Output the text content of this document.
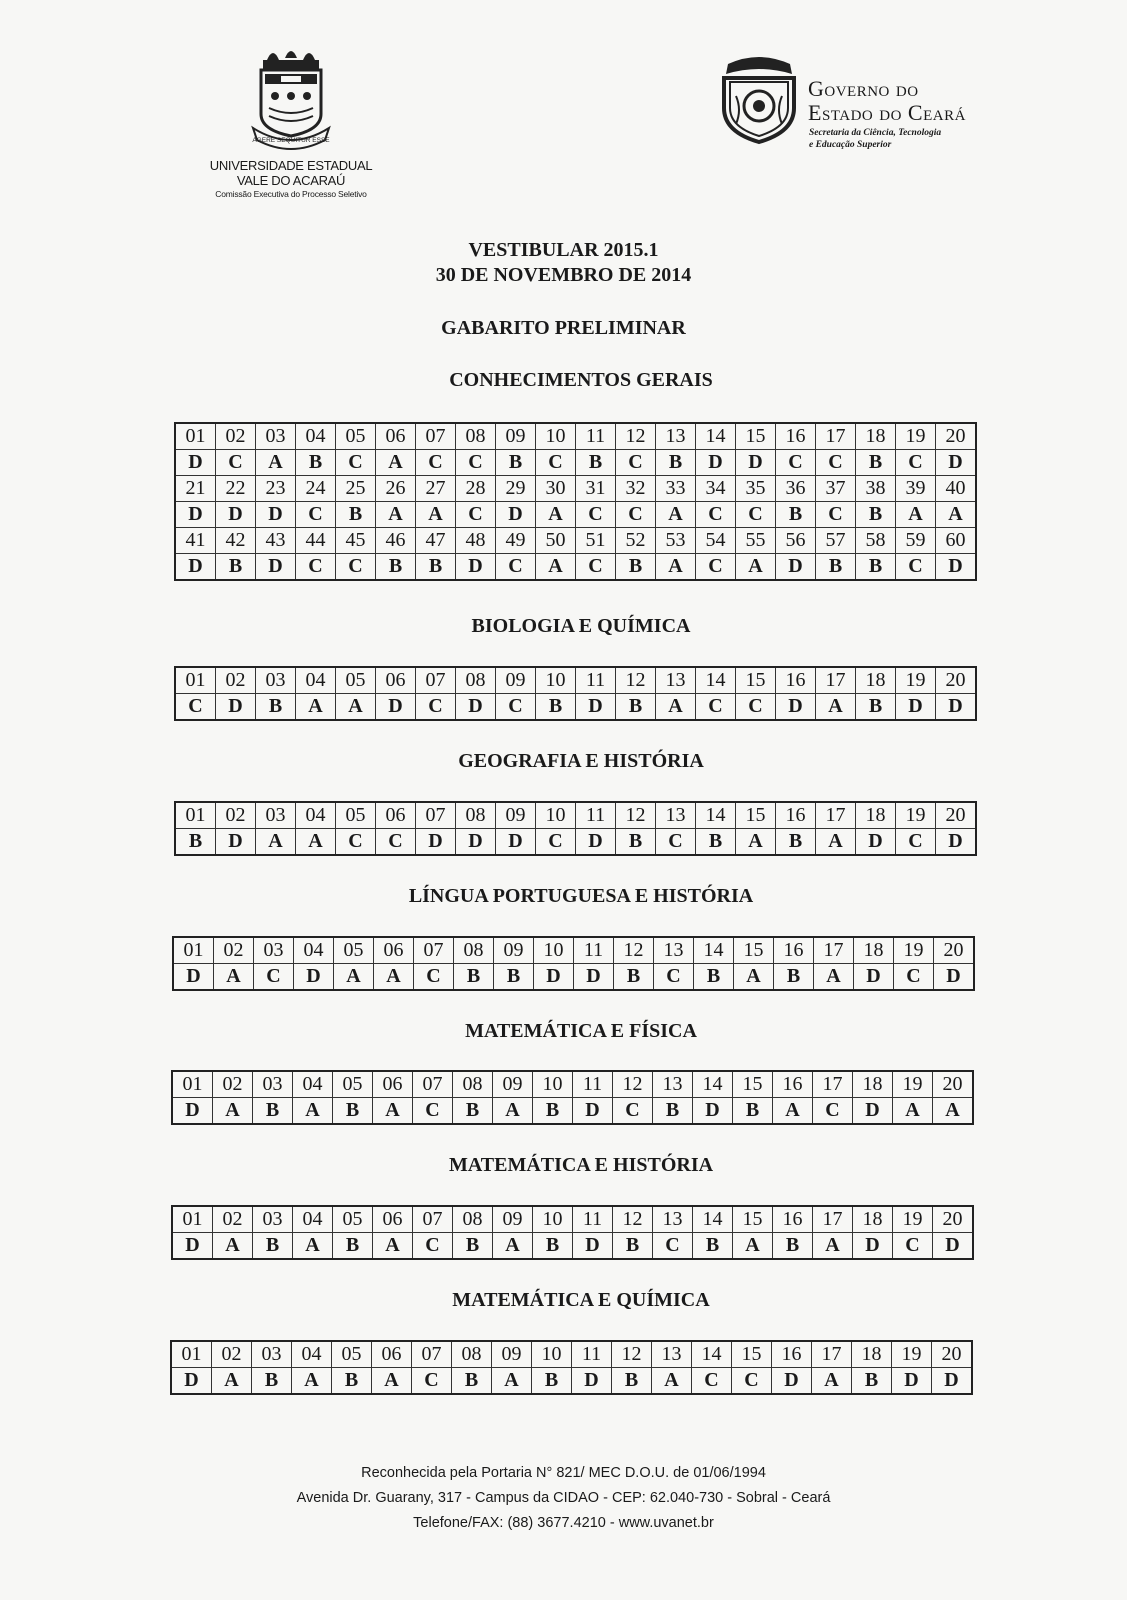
AGERE SEQUITUR ESSE
UNIVERSIDADE ESTADUAL
VALE DO ACARAÚ
Comissão Executiva do Processo Seletivo
Governo do
Estado do Ceará
Secretaria da Ciência, Tecnologia
e Educação Superior
VESTIBULAR 2015.1
30 DE NOVEMBRO DE 2014
GABARITO PRELIMINAR
CONHECIMENTOS GERAIS
01	02	03	04	05	06	07	08	09	10	11	12	13	14	15	16	17	18	19	20
D	C	A	B	C	A	C	C	B	C	B	C	B	D	D	C	C	B	C	D
21	22	23	24	25	26	27	28	29	30	31	32	33	34	35	36	37	38	39	40
D	D	D	C	B	A	A	C	D	A	C	C	A	C	C	B	C	B	A	A
41	42	43	44	45	46	47	48	49	50	51	52	53	54	55	56	57	58	59	60
D	B	D	C	C	B	B	D	C	A	C	B	A	C	A	D	B	B	C	D
BIOLOGIA E QUÍMICA
01	02	03	04	05	06	07	08	09	10	11	12	13	14	15	16	17	18	19	20
C	D	B	A	A	D	C	D	C	B	D	B	A	C	C	D	A	B	D	D
GEOGRAFIA E HISTÓRIA
01	02	03	04	05	06	07	08	09	10	11	12	13	14	15	16	17	18	19	20
B	D	A	A	C	C	D	D	D	C	D	B	C	B	A	B	A	D	C	D
LÍNGUA PORTUGUESA E HISTÓRIA
01	02	03	04	05	06	07	08	09	10	11	12	13	14	15	16	17	18	19	20
D	A	C	D	A	A	C	B	B	D	D	B	C	B	A	B	A	D	C	D
MATEMÁTICA E FÍSICA
01	02	03	04	05	06	07	08	09	10	11	12	13	14	15	16	17	18	19	20
D	A	B	A	B	A	C	B	A	B	D	C	B	D	B	A	C	D	A	A
MATEMÁTICA E HISTÓRIA
01	02	03	04	05	06	07	08	09	10	11	12	13	14	15	16	17	18	19	20
D	A	B	A	B	A	C	B	A	B	D	B	C	B	A	B	A	D	C	D
MATEMÁTICA E QUÍMICA
01	02	03	04	05	06	07	08	09	10	11	12	13	14	15	16	17	18	19	20
D	A	B	A	B	A	C	B	A	B	D	B	A	C	C	D	A	B	D	D
Reconhecida pela Portaria N° 821/ MEC D.O.U. de 01/06/1994
Avenida Dr. Guarany, 317 - Campus da CIDAO - CEP: 62.040-730 - Sobral - Ceará
Telefone/FAX: (88) 3677.4210 - www.uvanet.br
